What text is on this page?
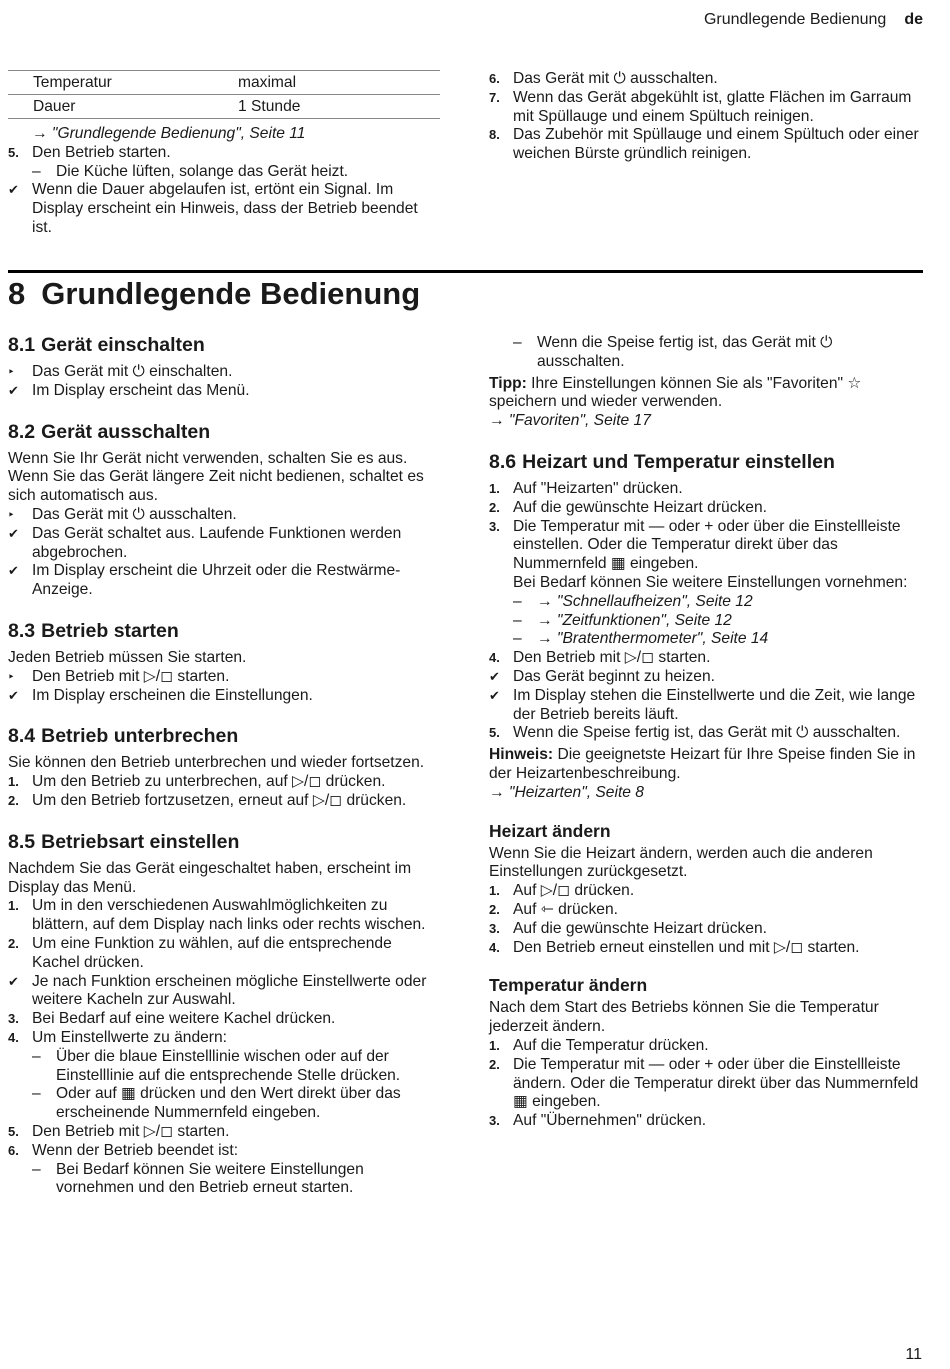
Grundlegende Bedienung de
Temperatur	maximal
Dauer	1 Stunde
→ "Grundlegende Bedienung", Seite 11
5. Den Betrieb starten.
– Die Küche lüften, solange das Gerät heizt.
✔ Wenn die Dauer abgelaufen ist, ertönt ein Signal. Im Display erscheint ein Hinweis, dass der Betrieb beendet ist.
6. Das Gerät mit ⏻ ausschalten.
7. Wenn das Gerät abgekühlt ist, glatte Flächen im Garraum mit Spüllauge und einem Spültuch reinigen.
8. Das Zubehör mit Spüllauge und einem Spültuch oder einer weichen Bürste gründlich reinigen.
8 Grundlegende Bedienung
8.1 Gerät einschalten
‣ Das Gerät mit ⏻ einschalten.
✔ Im Display erscheint das Menü.
8.2 Gerät ausschalten

Wenn Sie Ihr Gerät nicht verwenden, schalten Sie es aus. Wenn Sie das Gerät längere Zeit nicht bedienen, schaltet es sich automatisch aus.

‣ Das Gerät mit ⏻ ausschalten.
✔ Das Gerät schaltet aus. Laufende Funktionen werden abgebrochen.
✔ Im Display erscheint die Uhrzeit oder die Restwärme-Anzeige.
8.3 Betrieb starten

Jeden Betrieb müssen Sie starten.

‣ Den Betrieb mit ▷/◻ starten.
✔ Im Display erscheinen die Einstellungen.
8.4 Betrieb unterbrechen

Sie können den Betrieb unterbrechen und wieder fortsetzen.

1. Um den Betrieb zu unterbrechen, auf ▷/◻ drücken.
2. Um den Betrieb fortzusetzen, erneut auf ▷/◻ drücken.
8.5 Betriebsart einstellen

Nachdem Sie das Gerät eingeschaltet haben, erscheint im Display das Menü.

1. Um in den verschiedenen Auswahlmöglichkeiten zu blättern, auf dem Display nach links oder rechts wischen.
2. Um eine Funktion zu wählen, auf die entsprechende Kachel drücken.
✔ Je nach Funktion erscheinen mögliche Einstellwerte oder weitere Kacheln zur Auswahl.
3. Bei Bedarf auf eine weitere Kachel drücken.
4. Um Einstellwerte zu ändern:
– Über die blaue Einstelllinie wischen oder auf der Einstelllinie auf die entsprechende Stelle drücken.
– Oder auf ▦ drücken und den Wert direkt über das erscheinende Nummernfeld eingeben.
5. Den Betrieb mit ▷/◻ starten.
6. Wenn der Betrieb beendet ist:
– Bei Bedarf können Sie weitere Einstellungen vornehmen und den Betrieb erneut starten.
– Wenn die Speise fertig ist, das Gerät mit ⏻ ausschalten.

Tipp: Ihre Einstellungen können Sie als "Favoriten" ☆ speichern und wieder verwenden.

→ "Favoriten", Seite 17

8.6 Heizart und Temperatur einstellen
1. Auf "Heizarten" drücken.
2. Auf die gewünschte Heizart drücken.
3. Die Temperatur mit — oder + oder über die Einstellleiste einstellen. Oder die Temperatur direkt über das Nummernfeld ▦ eingeben.
Bei Bedarf können Sie weitere Einstellungen vornehmen:
– → "Schnellaufheizen", Seite 12
– → "Zeitfunktionen", Seite 12
– → "Bratenthermometer", Seite 14
4. Den Betrieb mit ▷/◻ starten.
✔ Das Gerät beginnt zu heizen.
✔ Im Display stehen die Einstellwerte und die Zeit, wie lange der Betrieb bereits läuft.
5. Wenn die Speise fertig ist, das Gerät mit ⏻ ausschalten.

Hinweis: Die geeignetste Heizart für Ihre Speise finden Sie in der Heizartenbeschreibung.

→ "Heizarten", Seite 8

Heizart ändern

Wenn Sie die Heizart ändern, werden auch die anderen Einstellungen zurückgesetzt.

1. Auf ▷/◻ drücken.
2. Auf ⇽ drücken.
3. Auf die gewünschte Heizart drücken.
4. Den Betrieb erneut einstellen und mit ▷/◻ starten.
Temperatur ändern

Nach dem Start des Betriebs können Sie die Temperatur jederzeit ändern.

1. Auf die Temperatur drücken.
2. Die Temperatur mit — oder + oder über die Einstellleiste ändern. Oder die Temperatur direkt über das Nummernfeld ▦ eingeben.
3. Auf "Übernehmen" drücken.
11
